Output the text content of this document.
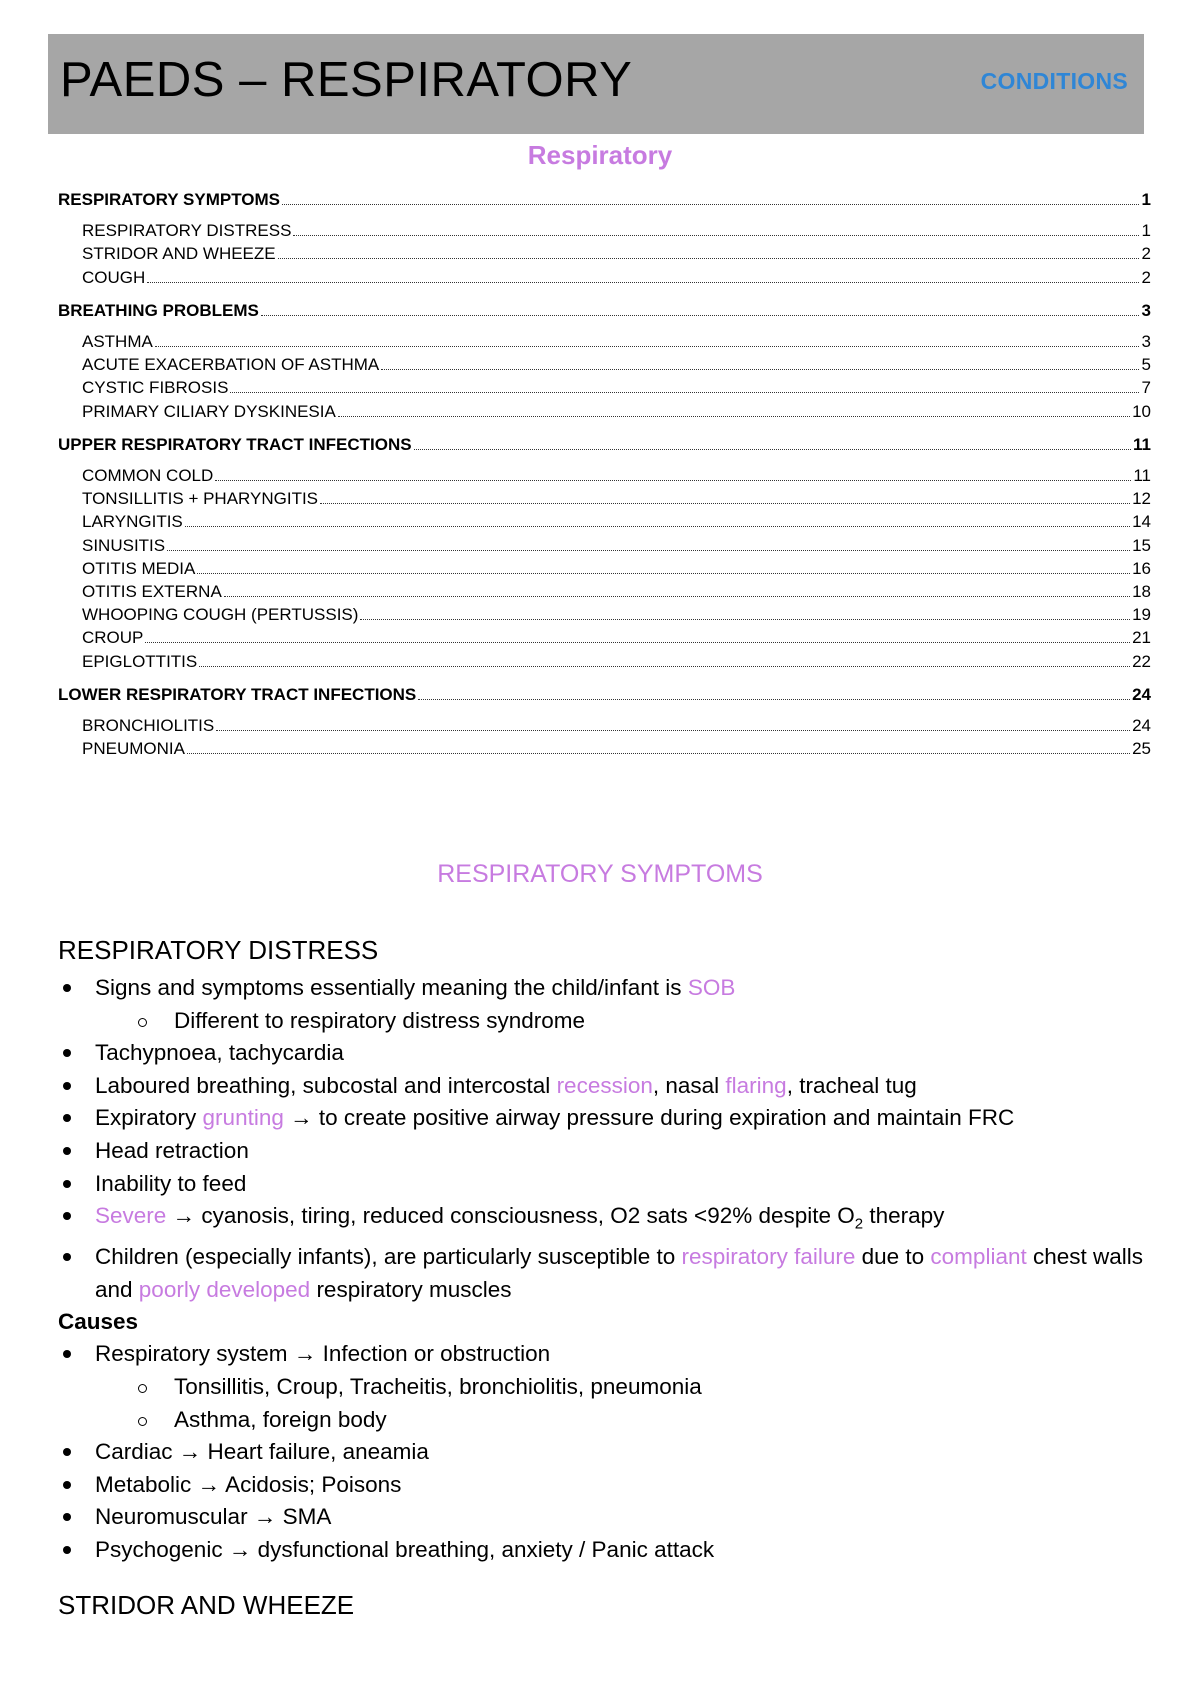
PAEDS – RESPIRATORY	CONDITIONS
Respiratory
RESPIRATORY SYMPTOMS	1
RESPIRATORY DISTRESS	1
STRIDOR AND WHEEZE	2
COUGH	2
BREATHING PROBLEMS	3
ASTHMA	3
ACUTE EXACERBATION OF ASTHMA	5
CYSTIC FIBROSIS	7
PRIMARY CILIARY DYSKINESIA	10
UPPER RESPIRATORY TRACT INFECTIONS	11
COMMON COLD	11
TONSILLITIS + PHARYNGITIS	12
LARYNGITIS	14
SINUSITIS	15
OTITIS MEDIA	16
OTITIS EXTERNA	18
WHOOPING COUGH (PERTUSSIS)	19
CROUP	21
EPIGLOTTITIS	22
LOWER RESPIRATORY TRACT INFECTIONS	24
BRONCHIOLITIS	24
PNEUMONIA	25
RESPIRATORY SYMPTOMS
RESPIRATORY DISTRESS
Signs and symptoms essentially meaning the child/infant is SOB
Different to respiratory distress syndrome
Tachypnoea, tachycardia
Laboured breathing, subcostal and intercostal recession, nasal flaring, tracheal tug
Expiratory grunting → to create positive airway pressure during expiration and maintain FRC
Head retraction
Inability to feed
Severe → cyanosis, tiring, reduced consciousness, O2 sats <92% despite $O_2$ therapy
Children (especially infants), are particularly susceptible to respiratory failure due to compliant chest walls and poorly developed respiratory muscles
Causes
Respiratory system → Infection or obstruction
Tonsillitis, Croup, Tracheitis, bronchiolitis, pneumonia
Asthma, foreign body
Cardiac → Heart failure, aneamia
Metabolic → Acidosis; Poisons
Neuromuscular → SMA
Psychogenic → dysfunctional breathing, anxiety / Panic attack
STRIDOR AND WHEEZE
